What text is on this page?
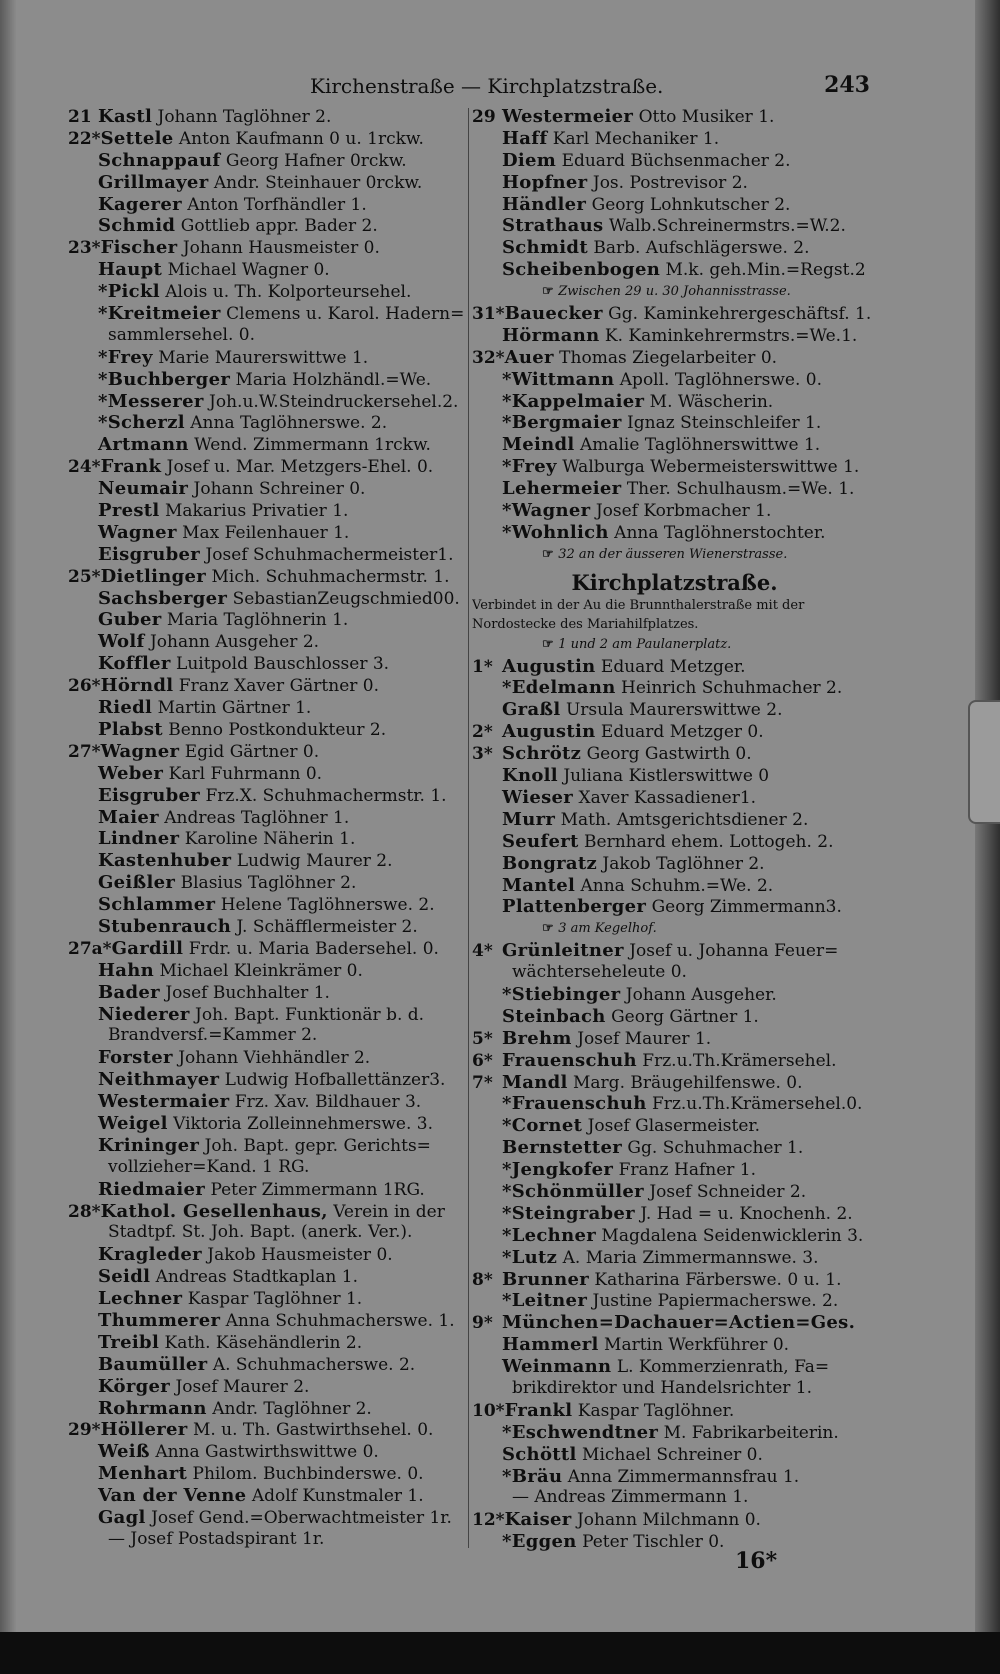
Kirchenstraße — Kirchplatzstraße.	243
21 Kastl Johann Taglöhner 2.
22*Settele Anton Kaufmann 0 u. 1rckw.
Schnappauf Georg Hafner 0rckw.
Grillmayer Andr. Steinhauer 0rckw.
Kagerer Anton Torfhändler 1.
Schmid Gottlieb appr. Bader 2.
23*Fischer Johann Hausmeister 0.
Haupt Michael Wagner 0.
*Pickl Alois u. Th. Kolporteursehel.
*Kreitmeier Clemens u. Karol. Hadern=
sammlersehel. 0.
*Frey Marie Maurerswittwe 1.
*Buchberger Maria Holzhändl.=We.
*Messerer Joh.u.W.Steindruckersehel.2.
*Scherzl Anna Taglöhnerswe. 2.
Artmann Wend. Zimmermann 1rckw.
24*Frank Josef u. Mar. Metzgers-Ehel. 0.
Neumair Johann Schreiner 0.
Prestl Makarius Privatier 1.
Wagner Max Feilenhauer 1.
Eisgruber Josef Schuhmachermeister1.
25*Dietlinger Mich. Schuhmachermstr. 1.
Sachsberger SebastianZeugschmied00.
Guber Maria Taglöhnerin 1.
Wolf Johann Ausgeher 2.
Koffler Luitpold Bauschlosser 3.
26*Hörndl Franz Xaver Gärtner 0.
Riedl Martin Gärtner 1.
Plabst Benno Postkondukteur 2.
27*Wagner Egid Gärtner 0.
Weber Karl Fuhrmann 0.
Eisgruber Frz.X. Schuhmachermstr. 1.
Maier Andreas Taglöhner 1.
Lindner Karoline Näherin 1.
Kastenhuber Ludwig Maurer 2.
Geißler Blasius Taglöhner 2.
Schlammer Helene Taglöhnerswe. 2.
Stubenrauch J. Schäfflermeister 2.
27a*Gardill Frdr. u. Maria Badersehel. 0.
Hahn Michael Kleinkrämer 0.
Bader Josef Buchhalter 1.
Niederer Joh. Bapt. Funktionär b. d.
Brandversf.=Kammer 2.
Forster Johann Viehhändler 2.
Neithmayer Ludwig Hofballettänzer3.
Westermaier Frz. Xav. Bildhauer 3.
Weigel Viktoria Zolleinnehmerswe. 3.
Krininger Joh. Bapt. gepr. Gerichts=
vollzieher=Kand. 1 RG.
Riedmaier Peter Zimmermann 1RG.
28*Kathol. Gesellenhaus, Verein in der
Stadtpf. St. Joh. Bapt. (anerk. Ver.).
Kragleder Jakob Hausmeister 0.
Seidl Andreas Stadtkaplan 1.
Lechner Kaspar Taglöhner 1.
Thummerer Anna Schuhmacherswe. 1.
Treibl Kath. Käsehändlerin 2.
Baumüller A. Schuhmacherswe. 2.
Körger Josef Maurer 2.
Rohrmann Andr. Taglöhner 2.
29*Höllerer M. u. Th. Gastwirthsehel. 0.
Weiß Anna Gastwirthswittwe 0.
Menhart Philom. Buchbinderswe. 0.
Van der Venne Adolf Kunstmaler 1.
Gagl Josef Gend.=Oberwachtmeister 1r.
— Josef Postadspirant 1r.
29 Westermeier Otto Musiker 1.
Haff Karl Mechaniker 1.
Diem Eduard Büchsenmacher 2.
Hopfner Jos. Postrevisor 2.
Händler Georg Lohnkutscher 2.
Strathaus Walb.Schreinermstrs.=W.2.
Schmidt Barb. Aufschlägerswe. 2.
Scheibenbogen M.k. geh.Min.=Regst.2
☞ Zwischen 29 u. 30 Johannisstrasse.
31*Bauecker Gg. Kaminkehrergeschäftsf. 1.
Hörmann K. Kaminkehrermstrs.=We.1.
32*Auer Thomas Ziegelarbeiter 0.
*Wittmann Apoll. Taglöhnerswe. 0.
*Kappelmaier M. Wäscherin.
*Bergmaier Ignaz Steinschleifer 1.
Meindl Amalie Taglöhnerswittwe 1.
*Frey Walburga Webermeisterswittwe 1.
Lehermeier Ther. Schulhausm.=We. 1.
*Wagner Josef Korbmacher 1.
*Wohnlich Anna Taglöhnerstochter.
☞ 32 an der äusseren Wienerstrasse.
Kirchplatzstraße.
Verbindet in der Au die Brunnthalerstraße mit der
Nordostecke des Mariahilfplatzes.
☞ 1 und 2 am Paulanerplatz.
1* Augustin Eduard Metzger.
*Edelmann Heinrich Schuhmacher 2.
Graßl Ursula Maurerswittwe 2.
2* Augustin Eduard Metzger 0.
3* Schrötz Georg Gastwirth 0.
Knoll Juliana Kistlerswittwe 0
Wieser Xaver Kassadiener1.
Murr Math. Amtsgerichtsdiener 2.
Seufert Bernhard ehem. Lottogeh. 2.
Bongratz Jakob Taglöhner 2.
Mantel Anna Schuhm.=We. 2.
Plattenberger Georg Zimmermann3.
☞ 3 am Kegelhof.
4* Grünleitner Josef u. Johanna Feuer=
wächterseheleute 0.
*Stiebinger Johann Ausgeher.
Steinbach Georg Gärtner 1.
5* Brehm Josef Maurer 1.
6* Frauenschuh Frz.u.Th.Krämersehel.
7* Mandl Marg. Bräugehilfenswe. 0.
*Frauenschuh Frz.u.Th.Krämersehel.0.
*Cornet Josef Glasermeister.
Bernstetter Gg. Schuhmacher 1.
*Jengkofer Franz Hafner 1.
*Schönmüller Josef Schneider 2.
*Steingraber J. Had = u. Knochenh. 2.
*Lechner Magdalena Seidenwicklerin 3.
*Lutz A. Maria Zimmermannswe. 3.
8* Brunner Katharina Färberswe. 0 u. 1.
*Leitner Justine Papiermacherswe. 2.
9* München=Dachauer=Actien=Ges.
Hammerl Martin Werkführer 0.
Weinmann L. Kommerzienrath, Fa=
brikdirektor und Handelsrichter 1.
10*Frankl Kaspar Taglöhner.
*Eschwendtner M. Fabrikarbeiterin.
Schöttl Michael Schreiner 0.
*Bräu Anna Zimmermannsfrau 1.
— Andreas Zimmermann 1.
12*Kaiser Johann Milchmann 0.
*Eggen Peter Tischler 0.
16*
